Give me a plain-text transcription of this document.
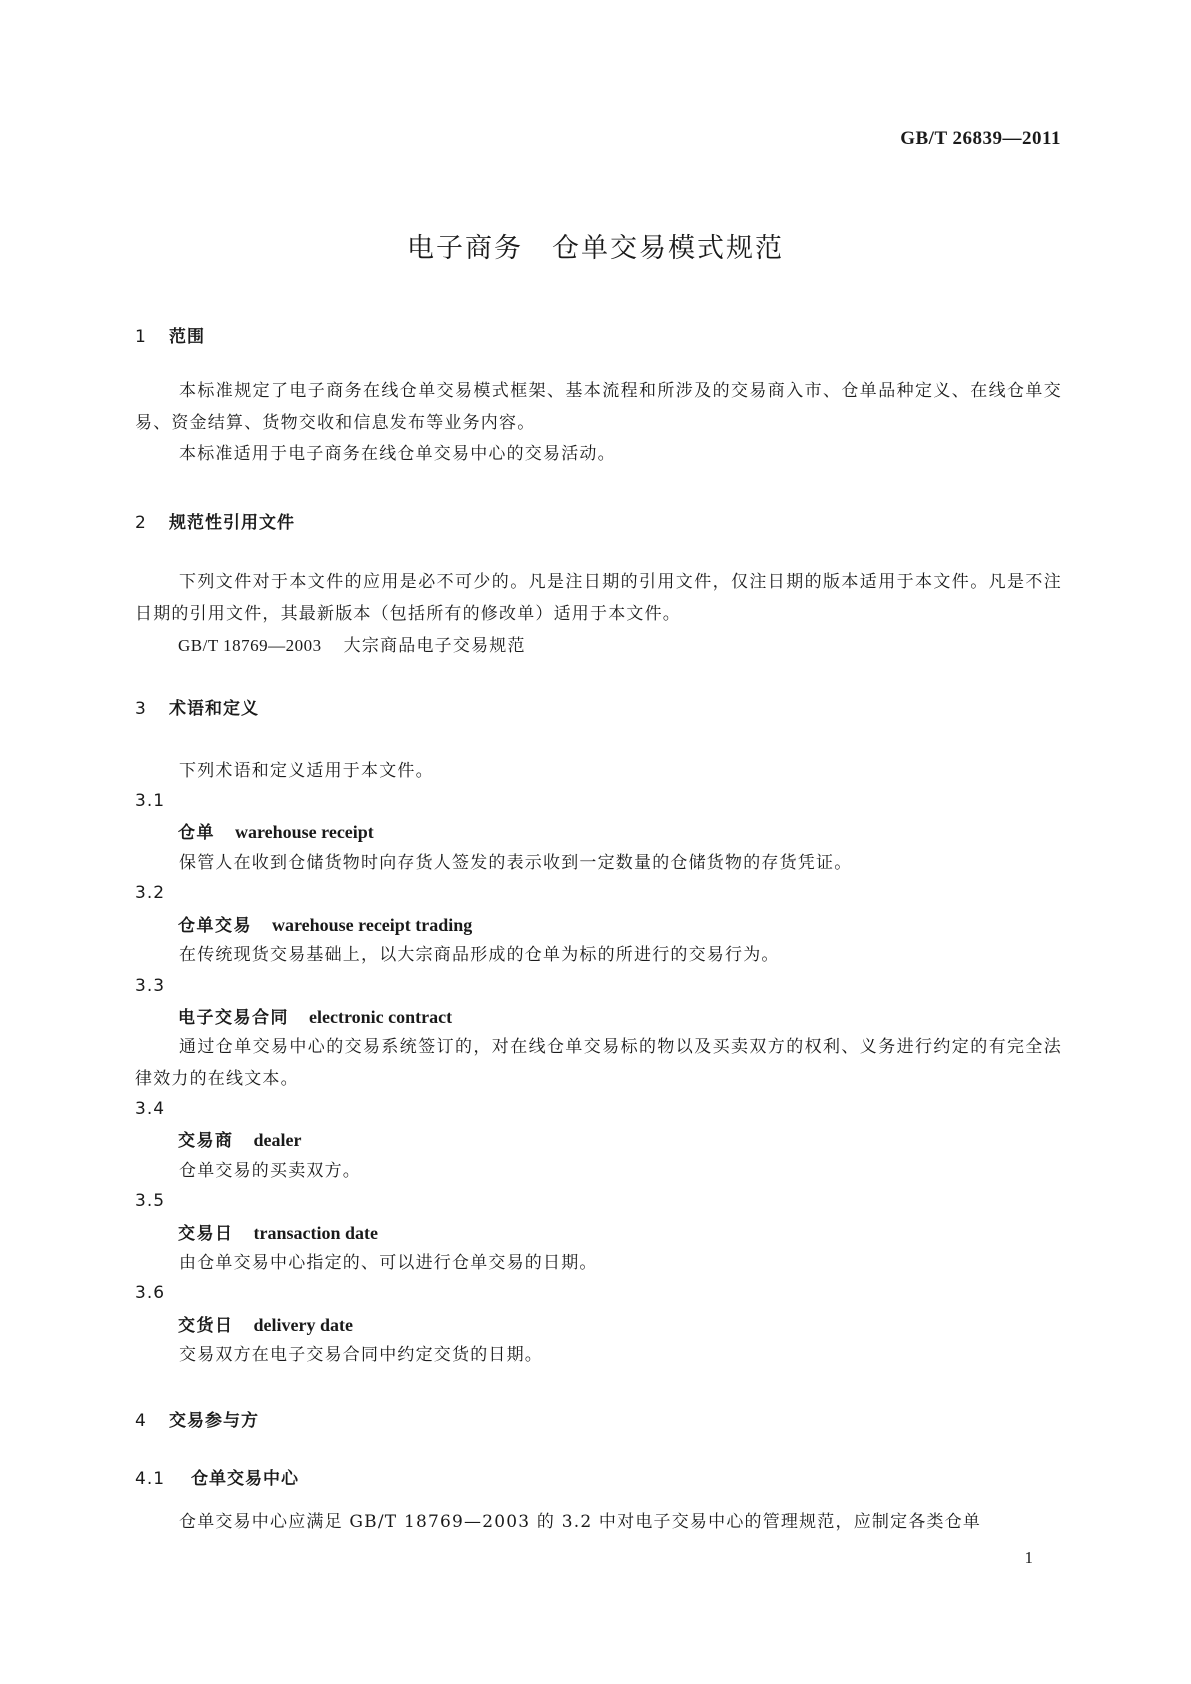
GB/T 26839—2011
电子商务　仓单交易模式规范
1 范围
本标准规定了电子商务在线仓单交易模式框架、基本流程和所涉及的交易商入市、仓单品种定义、在线仓单交易、资金结算、货物交收和信息发布等业务内容。
本标准适用于电子商务在线仓单交易中心的交易活动。
2 规范性引用文件
下列文件对于本文件的应用是必不可少的。凡是注日期的引用文件，仅注日期的版本适用于本文件。凡是不注日期的引用文件，其最新版本（包括所有的修改单）适用于本文件。
GB/T 18769—2003 大宗商品电子交易规范
3 术语和定义
下列术语和定义适用于本文件。
3.1
仓单 warehouse receipt
保管人在收到仓储货物时向存货人签发的表示收到一定数量的仓储货物的存货凭证。
3.2
仓单交易 warehouse receipt trading
在传统现货交易基础上，以大宗商品形成的仓单为标的所进行的交易行为。
3.3
电子交易合同 electronic contract
通过仓单交易中心的交易系统签订的，对在线仓单交易标的物以及买卖双方的权利、义务进行约定的有完全法律效力的在线文本。
3.4
交易商 dealer
仓单交易的买卖双方。
3.5
交易日 transaction date
由仓单交易中心指定的、可以进行仓单交易的日期。
3.6
交货日 delivery date
交易双方在电子交易合同中约定交货的日期。
4 交易参与方
4.1 仓单交易中心
仓单交易中心应满足 GB/T 18769—2003 的 3.2 中对电子交易中心的管理规范，应制定各类仓单
1
